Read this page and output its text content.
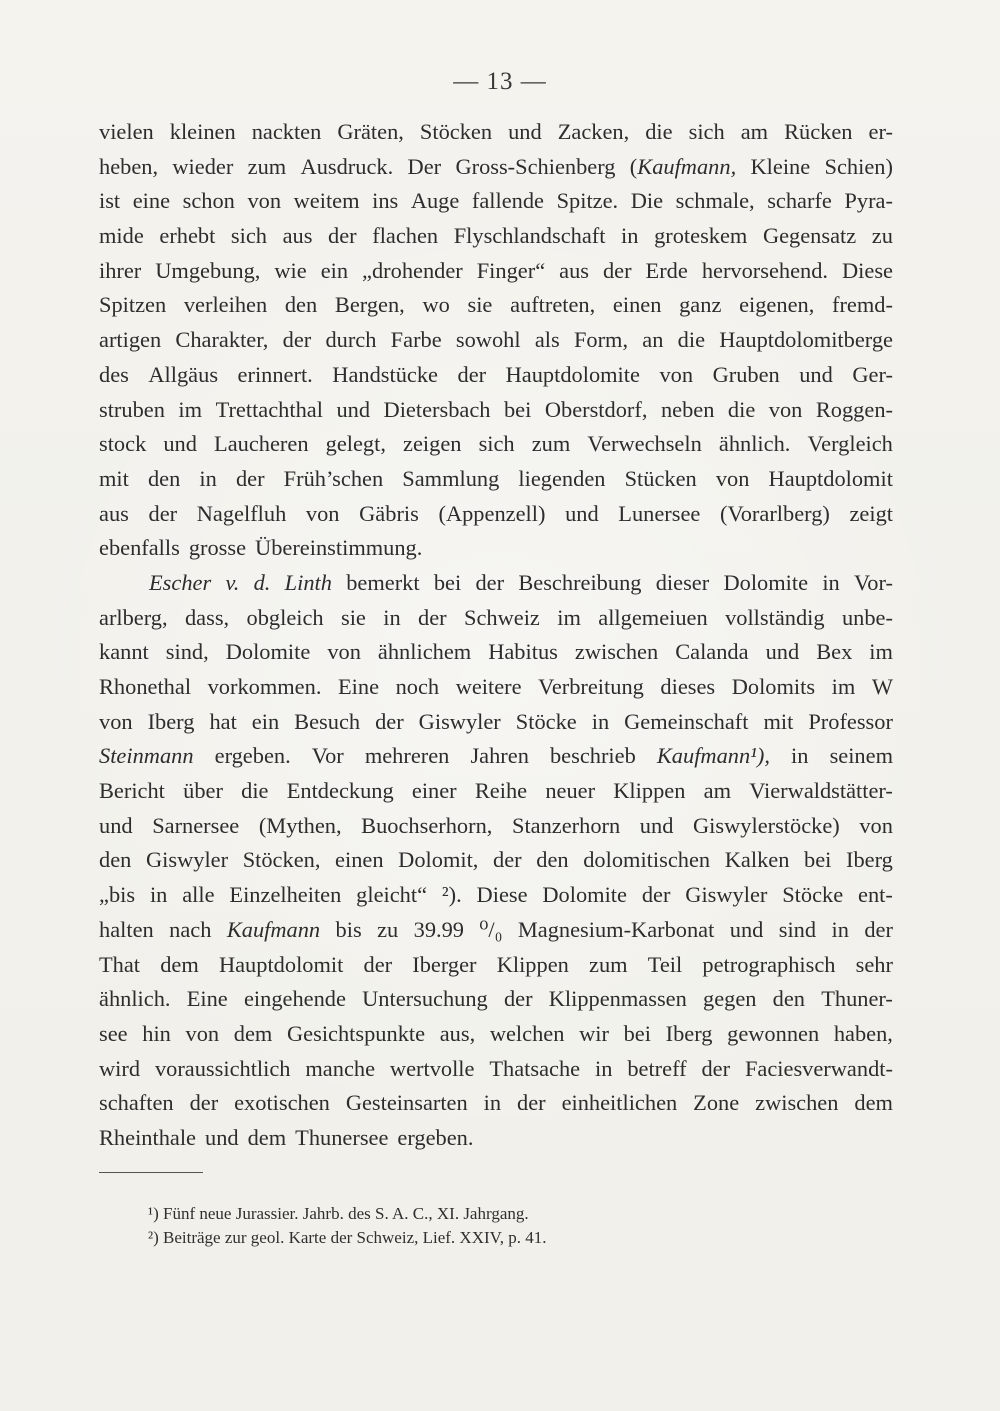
— 13 —
vielen kleinen nackten Gräten, Stöcken und Zacken, die sich am Rücken er-
heben, wieder zum Ausdruck. Der Gross-Schienberg (Kaufmann, Kleine Schien)
ist eine schon von weitem ins Auge fallende Spitze. Die schmale, scharfe Pyra-
mide erhebt sich aus der flachen Flyschlandschaft in groteskem Gegensatz zu
ihrer Umgebung, wie ein „drohender Finger“ aus der Erde hervorsehend. Diese
Spitzen verleihen den Bergen, wo sie auftreten, einen ganz eigenen, fremd-
artigen Charakter, der durch Farbe sowohl als Form, an die Hauptdolomitberge
des Allgäus erinnert. Handstücke der Hauptdolomite von Gruben und Ger-
struben im Trettachthal und Dietersbach bei Oberstdorf, neben die von Roggen-
stock und Laucheren gelegt, zeigen sich zum Verwechseln ähnlich. Vergleich
mit den in der Früh’schen Sammlung liegenden Stücken von Hauptdolomit
aus der Nagelfluh von Gäbris (Appenzell) und Lunersee (Vorarlberg) zeigt
ebenfalls grosse Übereinstimmung.
Escher v. d. Linth bemerkt bei der Beschreibung dieser Dolomite in Vor-
arlberg, dass, obgleich sie in der Schweiz im allgemeiuen vollständig unbe-
kannt sind, Dolomite von ähnlichem Habitus zwischen Calanda und Bex im
Rhonethal vorkommen. Eine noch weitere Verbreitung dieses Dolomits im W
von Iberg hat ein Besuch der Giswyler Stöcke in Gemeinschaft mit Professor
Steinmann ergeben. Vor mehreren Jahren beschrieb Kaufmann¹), in seinem
Bericht über die Entdeckung einer Reihe neuer Klippen am Vierwaldstätter-
und Sarnersee (Mythen, Buochserhorn, Stanzerhorn und Giswylerstöcke) von
den Giswyler Stöcken, einen Dolomit, der den dolomitischen Kalken bei Iberg
„bis in alle Einzelheiten gleicht“ ²). Diese Dolomite der Giswyler Stöcke ent-
halten nach Kaufmann bis zu 39.99 ⁰/₀ Magnesium-Karbonat und sind in der
That dem Hauptdolomit der Iberger Klippen zum Teil petrographisch sehr
ähnlich. Eine eingehende Untersuchung der Klippenmassen gegen den Thuner-
see hin von dem Gesichtspunkte aus, welchen wir bei Iberg gewonnen haben,
wird voraussichtlich manche wertvolle Thatsache in betreff der Faciesverwandt-
schaften der exotischen Gesteinsarten in der einheitlichen Zone zwischen dem
Rheinthale und dem Thunersee ergeben.
¹) Fünf neue Jurassier. Jahrb. des S. A. C., XI. Jahrgang.
²) Beiträge zur geol. Karte der Schweiz, Lief. XXIV, p. 41.
